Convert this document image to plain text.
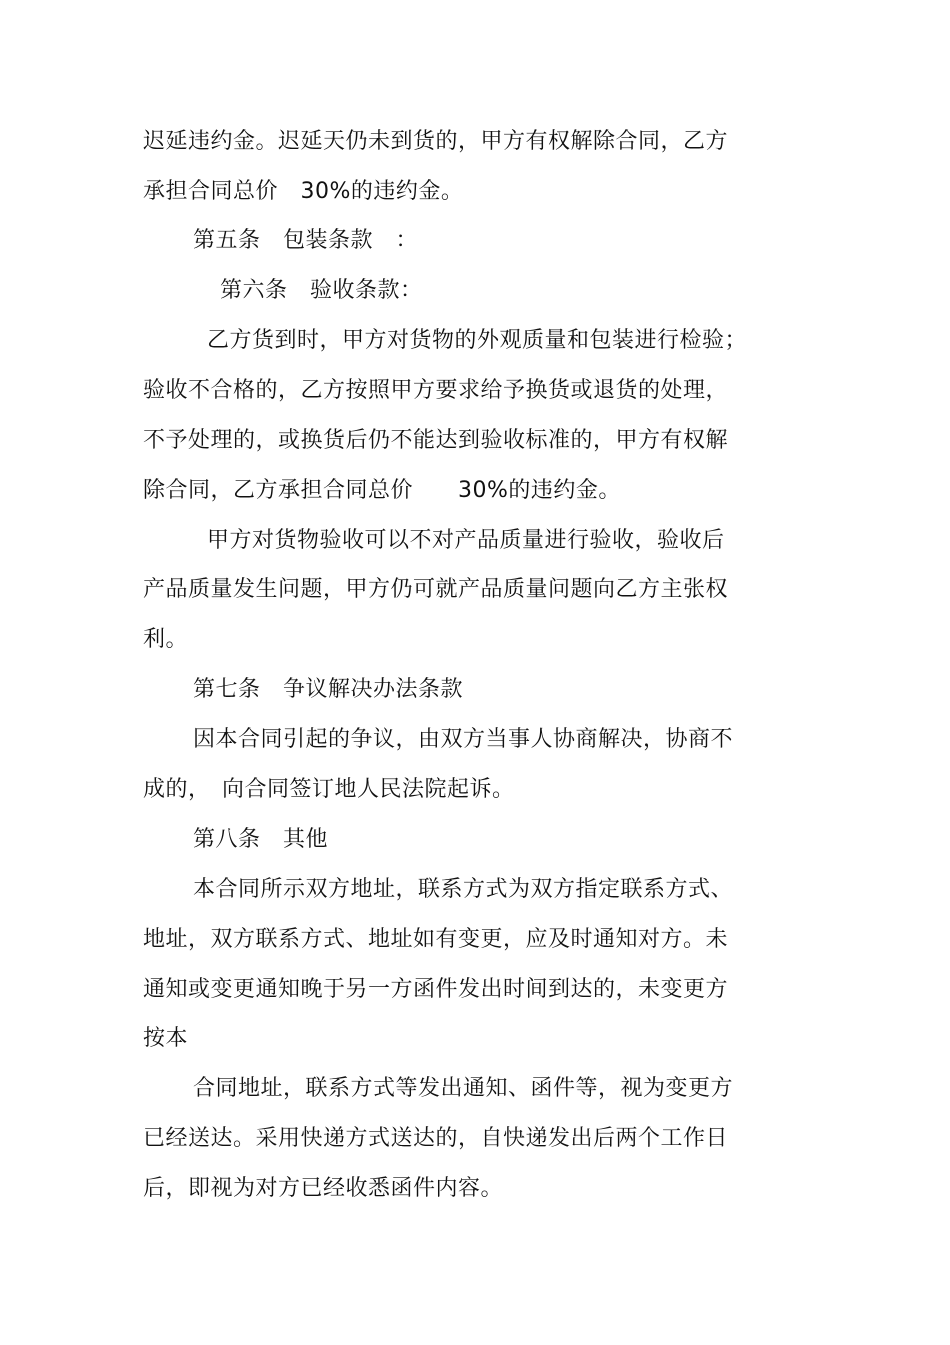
迟延违约金。迟延天仍未到货的，甲方有权解除合同，乙方
承担合同总价　30%的违约金。
第五条　包装条款　：
第六条　验收条款：
乙方货到时，甲方对货物的外观质量和包装进行检验；
验收不合格的，乙方按照甲方要求给予换货或退货的处理，
不予处理的，或换货后仍不能达到验收标准的，甲方有权解
除合同，乙方承担合同总价　　30%的违约金。
甲方对货物验收可以不对产品质量进行验收，验收后
产品质量发生问题，甲方仍可就产品质量问题向乙方主张权
利。
第七条　争议解决办法条款
因本合同引起的争议，由双方当事人协商解决，协商不
成的，　向合同签订地人民法院起诉。
第八条　其他
本合同所示双方地址，联系方式为双方指定联系方式、
地址，双方联系方式、地址如有变更，应及时通知对方。未
通知或变更通知晚于另一方函件发出时间到达的，未变更方
按本
合同地址，联系方式等发出通知、函件等，视为变更方
已经送达。采用快递方式送达的，自快递发出后两个工作日
后，即视为对方已经收悉函件内容。
